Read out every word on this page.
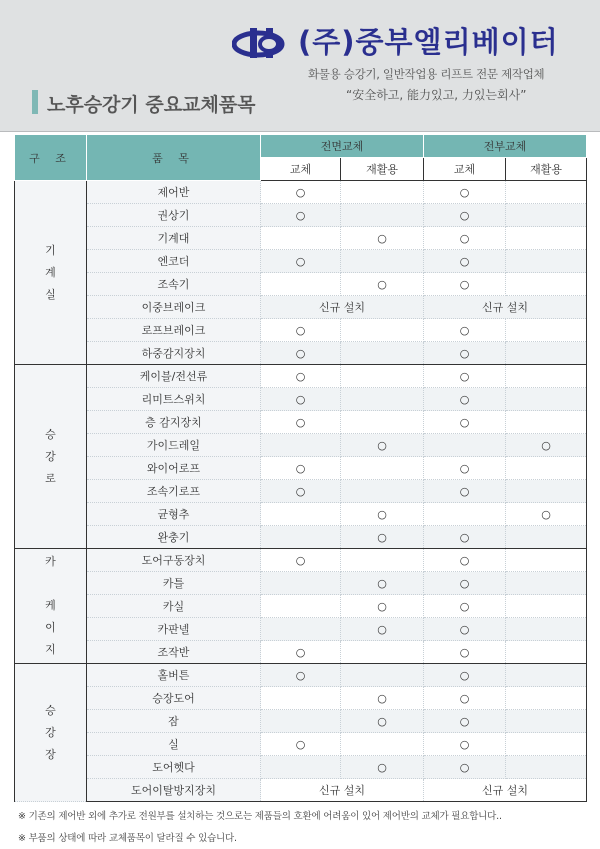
(주)중부엘리베이터
화물용 승강기, 일반작업용 리프트 전문 제작업체
“安全하고, 能力있고, 力있는회사”
노후승강기 중요교체품목
구 조	품 목	전면교체		전부교체	
		교체	재활용	교체	재활용
기
계
실	제어반	○		○	
	권상기	○		○	
	기계대		○	○	
	엔코더	○		○	
	조속기		○	○	
	이중브레이크	신규 설치		신규 설치	
	로프브레이크	○		○	
	하중감지장치	○		○	
승
강
로	케이블/전선류	○		○	
	리미트스위치	○		○	
	층 감지장치	○		○	
	가이드레일		○		○
	와이어로프	○		○	
	조속기로프	○		○	
	균형추		○		○
	완충기		○	○	
카

케
이
지	도어구동장치	○		○	
	카틀		○	○	
	카실		○	○	
	카판넬		○	○	
	조작반	○		○	
승
강
장	홀버튼	○		○	
	승장도어		○	○	
	잠		○	○	
	실	○		○	
	도어헷다		○	○	
	도어이탈방지장치	신규 설치		신규 설치	
※ 기존의 제어반 외에 추가로 전원부를 설치하는 것으로는 제품들의 호환에 어려움이 있어 제어반의 교체가 필요합니다..
※ 부품의 상태에 따라 교체품목이 달라질 수 있습니다.
